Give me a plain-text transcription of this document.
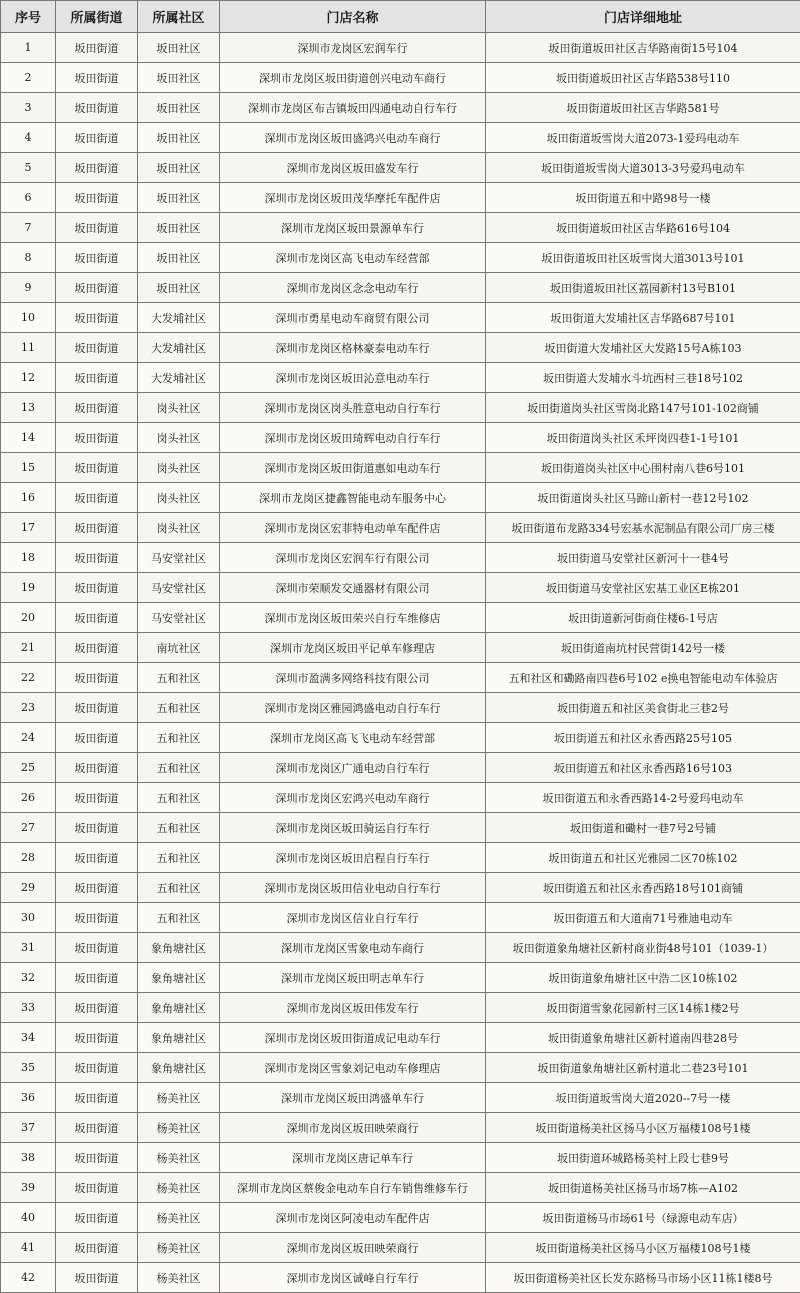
序号	所属街道	所属社区	门店名称	门店详细地址
1	坂田街道	坂田社区	深圳市龙岗区宏润车行	坂田街道坂田社区吉华路南街15号104
2	坂田街道	坂田社区	深圳市龙岗区坂田街道创兴电动车商行	坂田街道坂田社区吉华路538号110
3	坂田街道	坂田社区	深圳市龙岗区布吉镇坂田四通电动自行车行	坂田街道坂田社区吉华路581号
4	坂田街道	坂田社区	深圳市龙岗区坂田盛鸿兴电动车商行	坂田街道坂雪岗大道2073-1爱玛电动车
5	坂田街道	坂田社区	深圳市龙岗区坂田盛发车行	坂田街道坂雪岗大道3013-3号爱玛电动车
6	坂田街道	坂田社区	深圳市龙岗区坂田茂华摩托车配件店	坂田街道五和中路98号一楼
7	坂田街道	坂田社区	深圳市龙岗区坂田景源单车行	坂田街道坂田社区吉华路616号104
8	坂田街道	坂田社区	深圳市龙岗区高飞电动车经营部	坂田街道坂田社区坂雪岗大道3013号101
9	坂田街道	坂田社区	深圳市龙岗区念念电动车行	坂田街道坂田社区荔园新村13号B101
10	坂田街道	大发埔社区	深圳市勇星电动车商贸有限公司	坂田街道大发埔社区吉华路687号101
11	坂田街道	大发埔社区	深圳市龙岗区格林豪泰电动车行	坂田街道大发埔社区大发路15号A栋103
12	坂田街道	大发埔社区	深圳市龙岗区坂田沁意电动车行	坂田街道大发埔水斗坑西村三巷18号102
13	坂田街道	岗头社区	深圳市龙岗区岗头胜意电动自行车行	坂田街道岗头社区雪岗北路147号101-102商铺
14	坂田街道	岗头社区	深圳市龙岗区坂田琦辉电动自行车行	坂田街道岗头社区禾坪岗四巷1-1号101
15	坂田街道	岗头社区	深圳市龙岗区坂田街道惠如电动车行	坂田街道岗头社区中心围村南八巷6号101
16	坂田街道	岗头社区	深圳市龙岗区捷鑫智能电动车服务中心	坂田街道岗头社区马蹄山新村一巷12号102
17	坂田街道	岗头社区	深圳市龙岗区宏菲特电动单车配件店	坂田街道布龙路334号宏基水泥制品有限公司厂房三楼
18	坂田街道	马安堂社区	深圳市龙岗区宏润车行有限公司	坂田街道马安堂社区新河十一巷4号
19	坂田街道	马安堂社区	深圳市荣顺发交通器材有限公司	坂田街道马安堂社区宏基工业区E栋201
20	坂田街道	马安堂社区	深圳市龙岗区坂田荣兴自行车维修店	坂田街道新河街商住楼6-1号店
21	坂田街道	南坑社区	深圳市龙岗区坂田平记单车修理店	坂田街道南坑村民营街142号一楼
22	坂田街道	五和社区	深圳市盈满多网络科技有限公司	五和社区和磡路南四巷6号102 e换电智能电动车体验店
23	坂田街道	五和社区	深圳市龙岗区雅园鸿盛电动自行车行	坂田街道五和社区美食街北三巷2号
24	坂田街道	五和社区	深圳市龙岗区高飞飞电动车经营部	坂田街道五和社区永香西路25号105
25	坂田街道	五和社区	深圳市龙岗区广通电动自行车行	坂田街道五和社区永香西路16号103
26	坂田街道	五和社区	深圳市龙岗区宏鸿兴电动车商行	坂田街道五和永香西路14-2号爱玛电动车
27	坂田街道	五和社区	深圳市龙岗区坂田骑运自行车行	坂田街道和磡村一巷7号2号铺
28	坂田街道	五和社区	深圳市龙岗区坂田启程自行车行	坂田街道五和社区光雅园二区70栋102
29	坂田街道	五和社区	深圳市龙岗区坂田信业电动自行车行	坂田街道五和社区永香西路18号101商铺
30	坂田街道	五和社区	深圳市龙岗区信业自行车行	坂田街道五和大道南71号雅迪电动车
31	坂田街道	象角塘社区	深圳市龙岗区雪象电动车商行	坂田街道象角塘社区新村商业街48号101（1039-1）
32	坂田街道	象角塘社区	深圳市龙岗区坂田明志单车行	坂田街道象角塘社区中浩二区10栋102
33	坂田街道	象角塘社区	深圳市龙岗区坂田伟发车行	坂田街道雪象花园新村三区14栋1楼2号
34	坂田街道	象角塘社区	深圳市龙岗区坂田街道成记电动车行	坂田街道象角塘社区新村道南四巷28号
35	坂田街道	象角塘社区	深圳市龙岗区雪象刘记电动车修理店	坂田街道象角塘社区新村道北二巷23号101
36	坂田街道	杨美社区	深圳市龙岗区坂田鸿盛单车行	坂田街道坂雪岗大道2020--7号一楼
37	坂田街道	杨美社区	深圳市龙岗区坂田映荣商行	坂田街道杨美社区扬马小区万福楼108号1楼
38	坂田街道	杨美社区	深圳市龙岗区唐记单车行	坂田街道环城路杨美村上段七巷9号
39	坂田街道	杨美社区	深圳市龙岗区蔡俊金电动车自行车销售维修车行	坂田街道杨美社区扬马市场7栋—A102
40	坂田街道	杨美社区	深圳市龙岗区阿凌电动车配件店	坂田街道杨马市场61号（绿源电动车店）
41	坂田街道	杨美社区	深圳市龙岗区坂田映荣商行	坂田街道杨美社区扬马小区万福楼108号1楼
42	坂田街道	杨美社区	深圳市龙岗区诚峰自行车行	坂田街道杨美社区长发东路杨马市场小区11栋1楼8号
